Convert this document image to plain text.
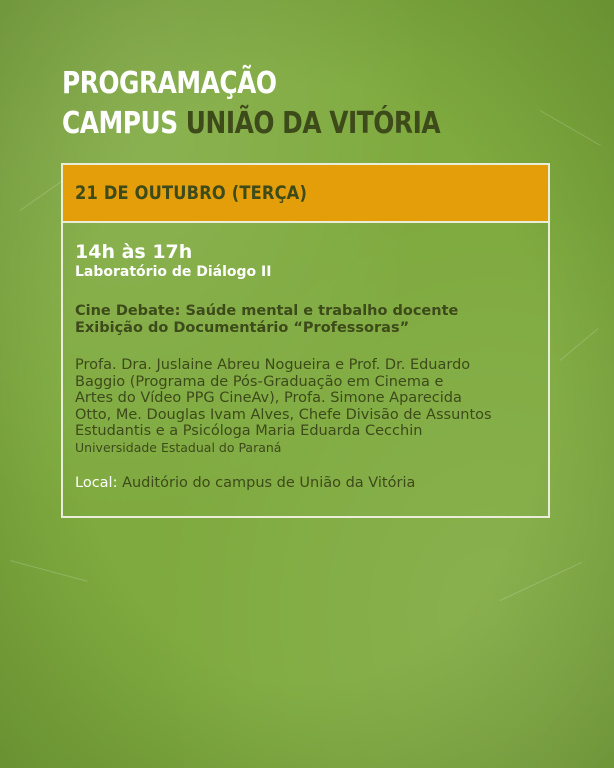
PROGRAMAÇÃO
CAMPUS UNIÃO DA VITÓRIA
21 DE OUTUBRO (TERÇA)

14h às 17h

Laboratório de Diálogo II

Cine Debate: Saúde mental e trabalho docente
Exibição do Documentário “Professoras”
Profa. Dra. Juslaine Abreu Nogueira e Prof. Dr. Eduardo
Baggio (Programa de Pós-Graduação em Cinema e
Artes do Vídeo PPG CineAv), Profa. Simone Aparecida
Otto, Me. Douglas Ivam Alves, Chefe Divisão de Assuntos
Estudantis e a Psicóloga Maria Eduarda Cecchin
Universidade Estadual do Paraná
Local: Auditório do campus de União da Vitória
